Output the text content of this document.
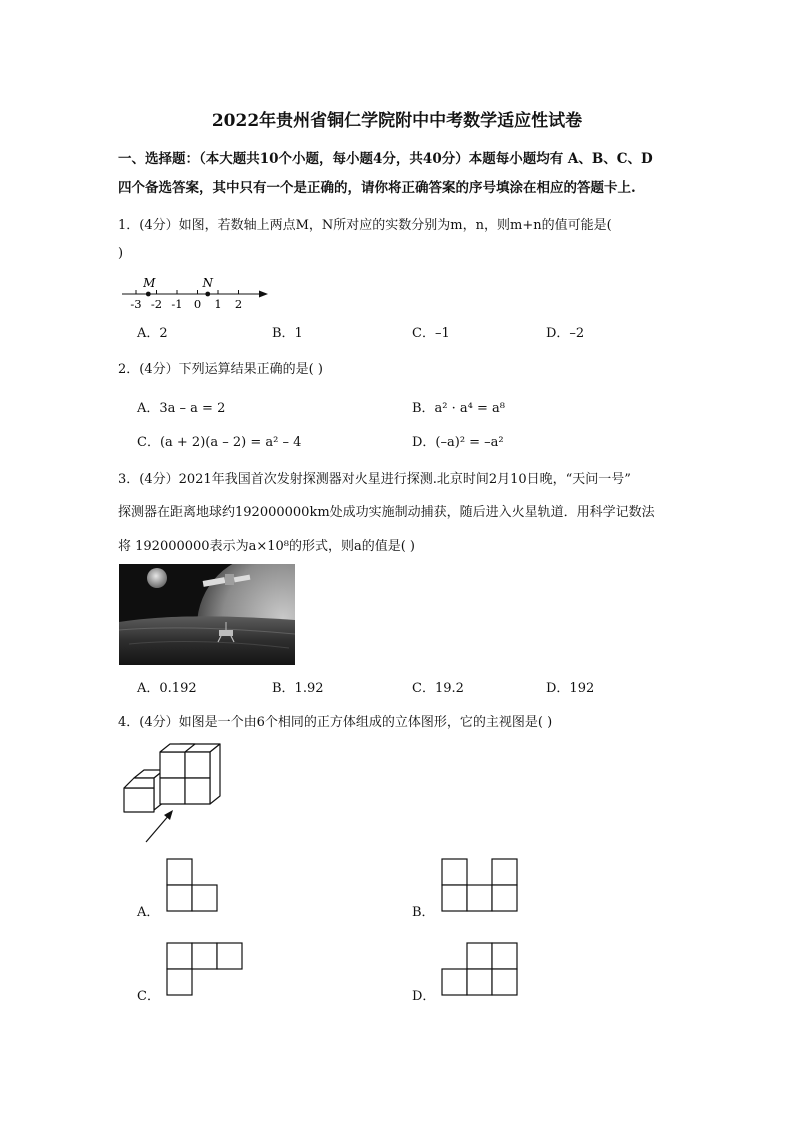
2022年贵州省铜仁学院附中中考数学适应性试卷
一、选择题：（本大题共10个小题，每小题4分，共40分）本题每小题均有 A、B、C、D
四个备选答案，其中只有一个是正确的，请你将正确答案的序号填涂在相应的答题卡上.
1．(4分）如图，若数轴上两点M，N所对应的实数分别为m，n，则m+n的值可能是(
)
-3 -2 -1 0 1 2
M	N
A．2	B．1	C．–1	D．–2
2．(4分）下列运算结果正确的是( )
A．3a – a = 2	B．a² · a⁴ = a⁸
C．(a + 2)(a – 2) = a² – 4	D．(–a)² = –a²
3．(4分）2021年我国首次发射探测器对火星进行探测.北京时间2月10日晚，“天问一号”
探测器在距离地球约192000000km处成功实施制动捕获，随后进入火星轨道．用科学记数法
将 192000000表示为a×10⁸的形式，则a的值是( )
A．0.192	B．1.92	C．19.2	D．192
4．(4分）如图是一个由6个相同的正方体组成的立体图形，它的主视图是( )
A．	B．
C．	D．
